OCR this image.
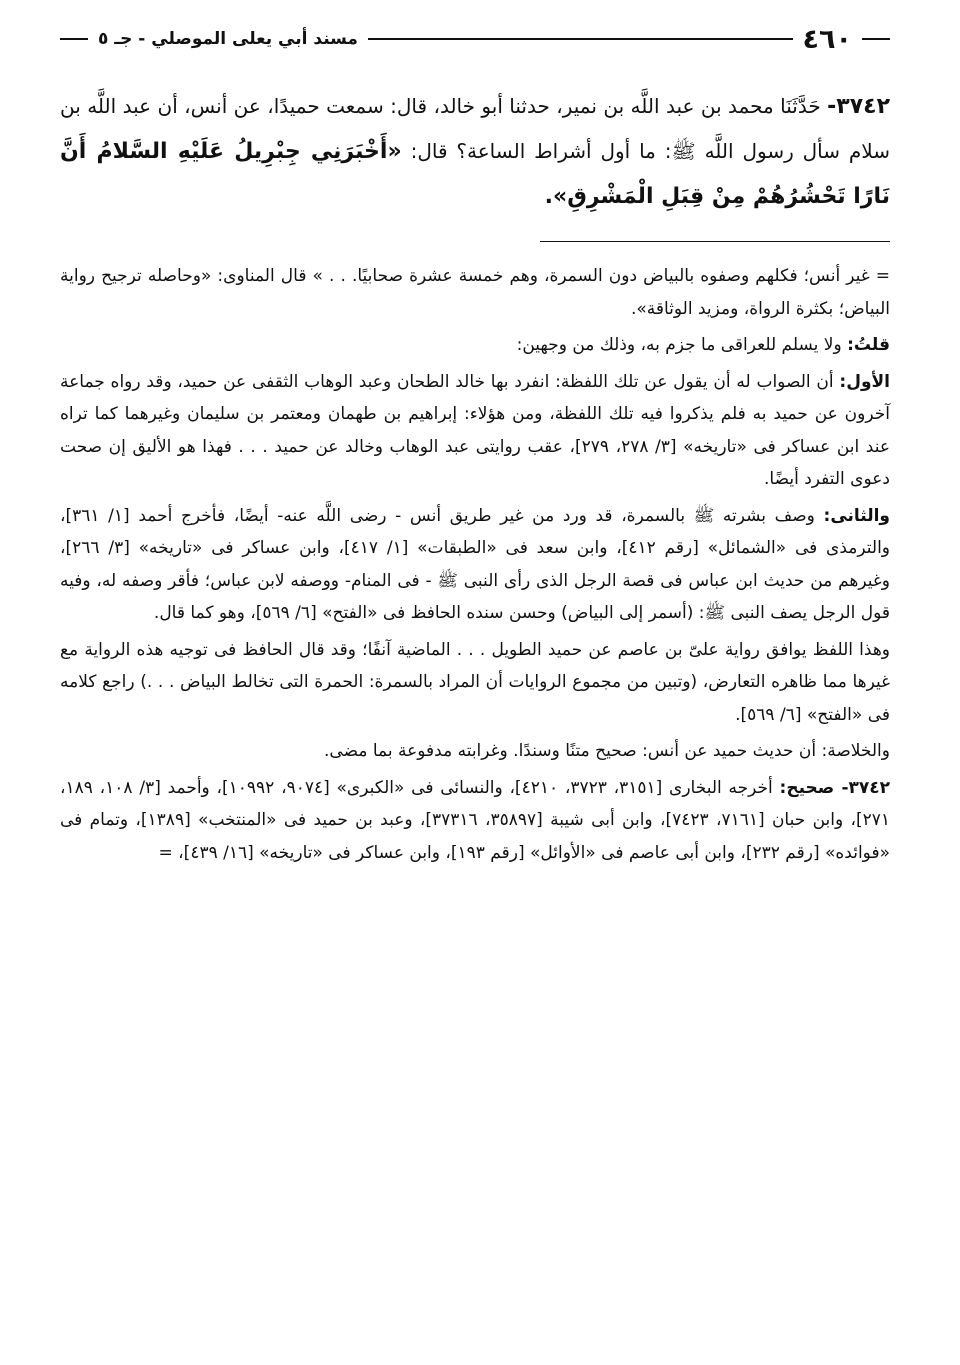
٤٦٠
مسند أبي يعلى الموصلي - جـ ٥
٣٧٤٢- حَدَّثَنَا محمد بن عبد اللَّه بن نمير، حدثنا أبو خالد، قال: سمعت حميدًا، عن أنس، أن عبد اللَّه بن سلام سأل رسول اللَّه ﷺ: ما أول أشراط الساعة؟ قال: «أَخْبَرَنِي جِبْرِيلُ عَلَيْهِ السَّلامُ أَنَّ نَارًا تَحْشُرُهُمْ مِنْ قِبَلِ الْمَشْرِقِ».

= غير أنس؛ فكلهم وصفوه بالبياض دون السمرة، وهم خمسة عشرة صحابيًا. . . » قال المناوى: «وحاصله ترجيح رواية البياض؛ بكثرة الرواة، ومزيد الوثاقة».

قلتُ: ولا يسلم للعراقى ما جزم به، وذلك من وجهين:

الأول: أن الصواب له أن يقول عن تلك اللفظة: انفرد بها خالد الطحان وعبد الوهاب الثقفى عن حميد، وقد رواه جماعة آخرون عن حميد به فلم يذكروا فيه تلك اللفظة، ومن هؤلاء: إبراهيم بن طهمان ومعتمر بن سليمان وغيرهما كما تراه عند ابن عساكر فى «تاريخه» [٣/ ٢٧٨، ٢٧٩]، عقب روايتى عبد الوهاب وخالد عن حميد . . . فهذا هو الأليق إن صحت دعوى التفرد أيضًا.

والثانى: وصف بشرته ﷺ بالسمرة، قد ورد من غير طريق أنس - رضى اللَّه عنه- أيضًا، فأخرج أحمد [١/ ٣٦١]، والترمذى فى «الشمائل» [رقم ٤١٢]، وابن سعد فى «الطبقات» [١/ ٤١٧]، وابن عساكر فى «تاريخه» [٣/ ٢٦٦]، وغيرهم من حديث ابن عباس فى قصة الرجل الذى رأى النبى ﷺ - فى المنام- ووصفه لابن عباس؛ فأقر وصفه له، وفيه قول الرجل يصف النبى ﷺ: (أسمر إلى البياض) وحسن سنده الحافظ فى «الفتح» [٦/ ٥٦٩]، وهو كما قال.

وهذا اللفظ يوافق رواية علىّ بن عاصم عن حميد الطويل . . . الماضية آنفًا؛ وقد قال الحافظ فى توجيه هذه الرواية مع غيرها مما ظاهره التعارض، (وتبين من مجموع الروايات أن المراد بالسمرة: الحمرة التى تخالط البياض . . .) راجع كلامه فى «الفتح» [٦/ ٥٦٩].

والخلاصة: أن حديث حميد عن أنس: صحيح متنًا وسندًا. وغرابته مدفوعة بما مضى.

٣٧٤٢- صحيح: أخرجه البخارى [٣١٥١، ٣٧٢٣، ٤٢١٠]، والنسائى فى «الكبرى» [٩٠٧٤، ١٠٩٩٢]، وأحمد [٣/ ١٠٨، ١٨٩، ٢٧١]، وابن حبان [٧١٦١، ٧٤٢٣]، وابن أبى شيبة [٣٥٨٩٧، ٣٧٣١٦]، وعبد بن حميد فى «المنتخب» [١٣٨٩]، وتمام فى «فوائده» [رقم ٢٣٢]، وابن أبى عاصم فى «الأوائل» [رقم ١٩٣]، وابن عساكر فى «تاريخه» [١٦/ ٤٣٩]، =
